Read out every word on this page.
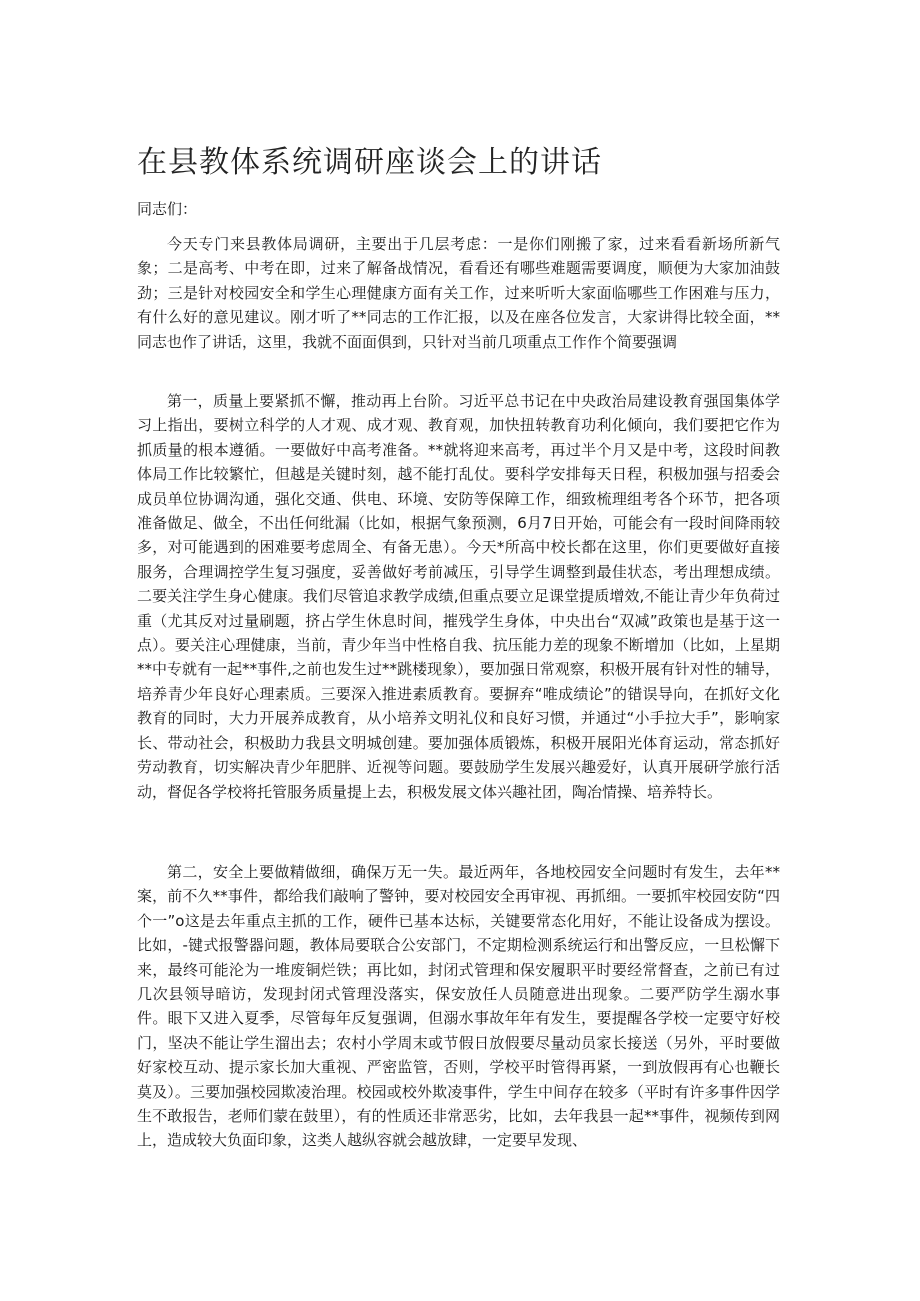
在县教体系统调研座谈会上的讲话

同志们：

今天专门来县教体局调研，主要出于几层考虑：一是你们刚搬了家，过来看看新场所新气象；二是高考、中考在即，过来了解备战情况，看看还有哪些难题需要调度，顺便为大家加油鼓劲；三是针对校园安全和学生心理健康方面有关工作，过来听听大家面临哪些工作困难与压力，有什么好的意见建议。刚才听了**同志的工作汇报，以及在座各位发言，大家讲得比较全面，**同志也作了讲话，这里，我就不面面俱到，只针对当前几项重点工作作个简要强调

第一，质量上要紧抓不懈，推动再上台阶。习近平总书记在中央政治局建设教育强国集体学习上指出，要树立科学的人才观、成才观、教育观，加快扭转教育功利化倾向，我们要把它作为抓质量的根本遵循。一要做好中高考准备。**就将迎来高考，再过半个月又是中考，这段时间教体局工作比较繁忙，但越是关键时刻，越不能打乱仗。要科学安排每天日程，积极加强与招委会成员单位协调沟通，强化交通、供电、环境、安防等保障工作，细致梳理组考各个环节，把各项准备做足、做全，不出任何纰漏（比如，根据气象预测，6月7日开始，可能会有一段时间降雨较多，对可能遇到的困难要考虑周全、有备无患）。今天*所高中校长都在这里，你们更要做好直接服务，合理调控学生复习强度，妥善做好考前减压，引导学生调整到最佳状态，考出理想成绩。二要关注学生身心健康。我们尽管追求教学成绩,但重点要立足课堂提质增效,不能让青少年负荷过重（尤其反对过量刷题，挤占学生休息时间，摧残学生身体，中央出台“双减”政策也是基于这一点）。要关注心理健康，当前，青少年当中性格自我、抗压能力差的现象不断增加（比如，上星期**中专就有一起**事件,之前也发生过**跳楼现象），要加强日常观察，积极开展有针对性的辅导，培养青少年良好心理素质。三要深入推进素质教育。要摒弃“唯成绩论”的错误导向，在抓好文化教育的同时，大力开展养成教育，从小培养文明礼仪和良好习惯，并通过“小手拉大手”，影响家长、带动社会，积极助力我县文明城创建。要加强体质锻炼，积极开展阳光体育运动，常态抓好劳动教育，切实解决青少年肥胖、近视等问题。要鼓励学生发展兴趣爱好，认真开展研学旅行活动，督促各学校将托管服务质量提上去，积极发展文体兴趣社团，陶冶情操、培养特长。

第二，安全上要做精做细，确保万无一失。最近两年，各地校园安全问题时有发生，去年**案，前不久**事件，都给我们敲响了警钟，要对校园安全再审视、再抓细。一要抓牢校园安防“四个一”o这是去年重点主抓的工作，硬件已基本达标，关键要常态化用好，不能让设备成为摆设。比如，-键式报警器问题，教体局要联合公安部门，不定期检测系统运行和出警反应，一旦松懈下来，最终可能沦为一堆废铜烂铁；再比如，封闭式管理和保安履职平时要经常督查，之前已有过几次县领导暗访，发现封闭式管理没落实，保安放任人员随意进出现象。二要严防学生溺水事件。眼下又进入夏季，尽管每年反复强调，但溺水事故年年有发生，要提醒各学校一定要守好校门，坚决不能让学生溜出去；农村小学周末或节假日放假要尽量动员家长接送（另外，平时要做好家校互动、提示家长加大重视、严密监管，否则，学校平时管得再紧，一到放假再有心也鞭长莫及）。三要加强校园欺凌治理。校园或校外欺凌事件，学生中间存在较多（平时有许多事件因学生不敢报告，老师们蒙在鼓里），有的性质还非常恶劣，比如，去年我县一起**事件，视频传到网上，造成较大负面印象，这类人越纵容就会越放肆，一定要早发现、
